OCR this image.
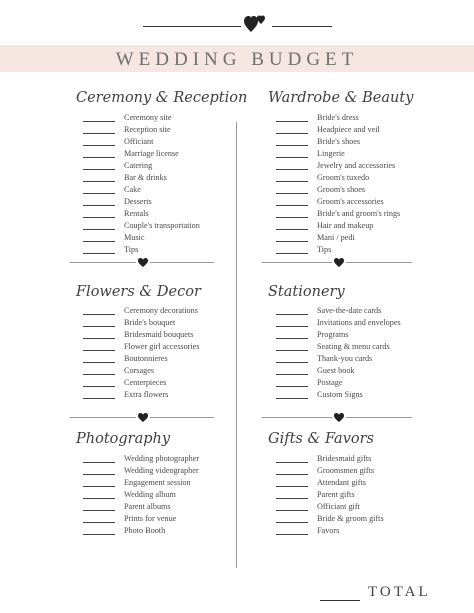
WEDDING BUDGET
Ceremony & Reception Wardrobe & Beauty
Flowers & Decor	Stationery
Photography	Gifts & Favors
Ceremony site
Reception site
Officiant
Marriage license
Catering
Bar & drinks
Cake
Desserts
Rentals
Couple's transportation
Music
Tips
Bride's dress
Headpiece and veil
Bride's shoes
Lingerie
Jewelry and accessories
Groom's tuxedo
Groom's shoes
Groom's accessories
Bride's and groom's rings
Hair and makeup
Mani / pedi
Tips
Ceremony decorations
Bride's bouquet
Bridesmaid bouquets
Flower girl accessories
Boutonnieres
Corsages
Centerpieces
Extra flowers
Save-the-date cards
Invitations and envelopes
Programs
Seating & menu cards
Thank-you cards
Guest book
Postage
Custom Signs
Wedding photographer
Wedding videographer
Engagement session
Wedding album
Parent albums
Prints for venue
Photo Booth
Bridesmaid gifts
Groomsmen gifts
Attendant gifts
Parent gifts
Officiant gift
Bride & groom gifts
Favors
TOTAL
